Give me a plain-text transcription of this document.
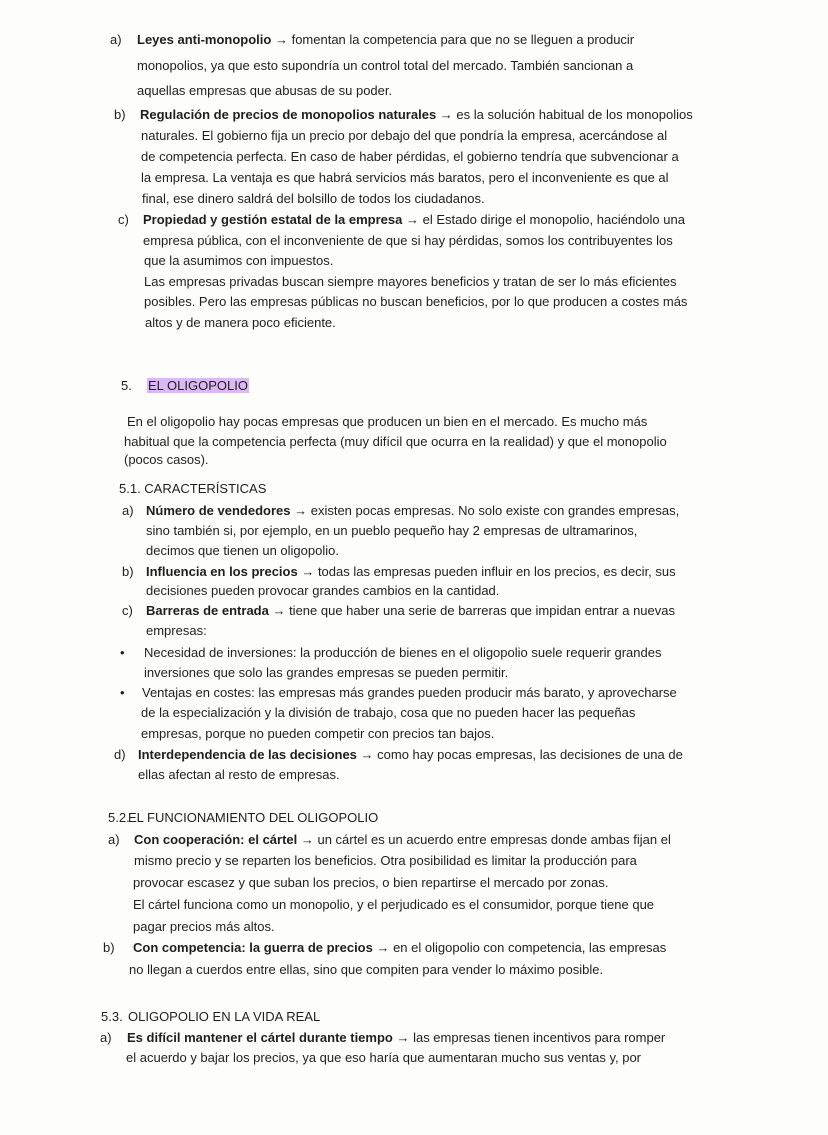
a) Leyes anti-monopolio → fomentan la competencia para que no se lleguen a producir
monopolios, ya que esto supondría un control total del mercado. También sancionan a
aquellas empresas que abusas de su poder.
b) Regulación de precios de monopolios naturales → es la solución habitual de los monopolios
naturales. El gobierno fija un precio por debajo del que pondría la empresa, acercándose al
de competencia perfecta. En caso de haber pérdidas, el gobierno tendría que subvencionar a
la empresa. La ventaja es que habrá servicios más baratos, pero el inconveniente es que al
final, ese dinero saldrá del bolsillo de todos los ciudadanos.
c) Propiedad y gestión estatal de la empresa → el Estado dirige el monopolio, haciéndolo una
empresa pública, con el inconveniente de que si hay pérdidas, somos los contribuyentes los
que la asumimos con impuestos.
Las empresas privadas buscan siempre mayores beneficios y tratan de ser lo más eficientes
posibles. Pero las empresas públicas no buscan beneficios, por lo que producen a costes más
altos y de manera poco eficiente.
5. EL OLIGOPOLIO
En el oligopolio hay pocas empresas que producen un bien en el mercado. Es mucho más
habitual que la competencia perfecta (muy difícil que ocurra en la realidad) y que el monopolio
(pocos casos).
5.1. CARACTERÍSTICAS
a) Número de vendedores → existen pocas empresas. No solo existe con grandes empresas,
sino también si, por ejemplo, en un pueblo pequeño hay 2 empresas de ultramarinos,
decimos que tienen un oligopolio.
b) Influencia en los precios → todas las empresas pueden influir en los precios, es decir, sus
decisiones pueden provocar grandes cambios en la cantidad.
c) Barreras de entrada → tiene que haber una serie de barreras que impidan entrar a nuevas
empresas:
• Necesidad de inversiones: la producción de bienes en el oligopolio suele requerir grandes
inversiones que solo las grandes empresas se pueden permitir.
• Ventajas en costes: las empresas más grandes pueden producir más barato, y aprovecharse
de la especialización y la división de trabajo, cosa que no pueden hacer las pequeñas
empresas, porque no pueden competir con precios tan bajos.
d) Interdependencia de las decisiones → como hay pocas empresas, las decisiones de una de
ellas afectan al resto de empresas.
5.2.
EL FUNCIONAMIENTO DEL OLIGOPOLIO
a) Con cooperación: el cártel → un cártel es un acuerdo entre empresas donde ambas fijan el
mismo precio y se reparten los beneficios. Otra posibilidad es limitar la producción para
provocar escasez y que suban los precios, o bien repartirse el mercado por zonas.
El cártel funciona como un monopolio, y el perjudicado es el consumidor, porque tiene que
pagar precios más altos.
b) Con competencia: la guerra de precios → en el oligopolio con competencia, las empresas
no llegan a cuerdos entre ellas, sino que compiten para vender lo máximo posible.
5.3. OLIGOPOLIO EN LA VIDA REAL
a) Es difícil mantener el cártel durante tiempo → las empresas tienen incentivos para romper
el acuerdo y bajar los precios, ya que eso haría que aumentaran mucho sus ventas y, por
